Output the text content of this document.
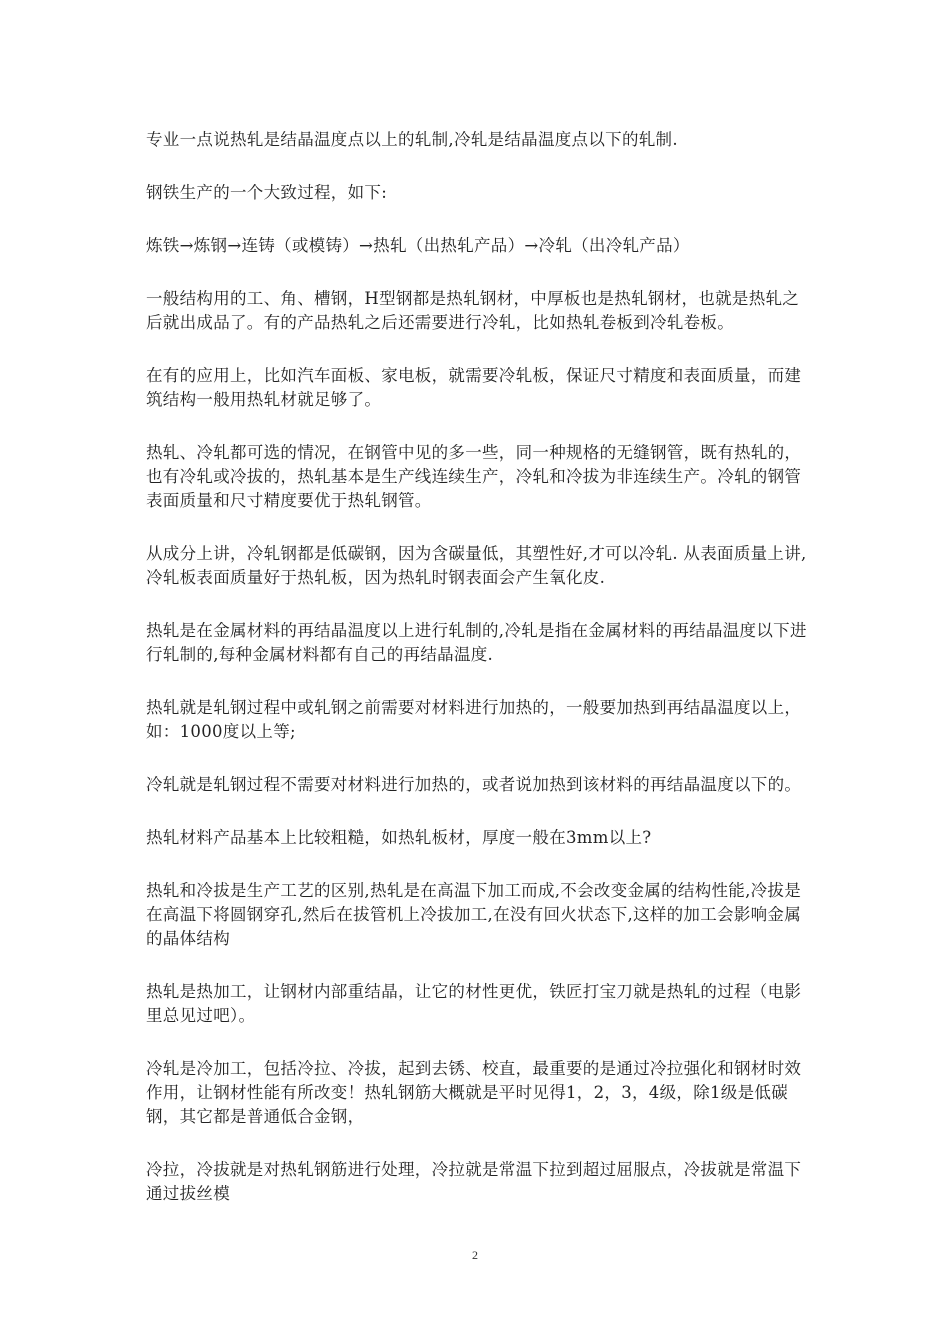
专业一点说热轧是结晶温度点以上的轧制,冷轧是结晶温度点以下的轧制.

钢铁生产的一个大致过程，如下:

炼铁→炼钢→连铸（或模铸）→热轧（出热轧产品）→冷轧（出冷轧产品）

一般结构用的工、角、槽钢，H型钢都是热轧钢材，中厚板也是热轧钢材，也就是热轧之后就出成品了。有的产品热轧之后还需要进行冷轧，比如热轧卷板到冷轧卷板。

在有的应用上，比如汽车面板、家电板，就需要冷轧板，保证尺寸精度和表面质量，而建筑结构一般用热轧材就足够了。

热轧、冷轧都可选的情况，在钢管中见的多一些，同一种规格的无缝钢管，既有热轧的，也有冷轧或冷拔的，热轧基本是生产线连续生产，冷轧和冷拔为非连续生产。冷轧的钢管表面质量和尺寸精度要优于热轧钢管。

从成分上讲，冷轧钢都是低碳钢，因为含碳量低，其塑性好,才可以冷轧. 从表面质量上讲,冷轧板表面质量好于热轧板，因为热轧时钢表面会产生氧化皮.

热轧是在金属材料的再结晶温度以上进行轧制的,冷轧是指在金属材料的再结晶温度以下进行轧制的,每种金属材料都有自己的再结晶温度.

热轧就是轧钢过程中或轧钢之前需要对材料进行加热的，一般要加热到再结晶温度以上，如：1000度以上等;

冷轧就是轧钢过程不需要对材料进行加热的，或者说加热到该材料的再结晶温度以下的。

热轧材料产品基本上比较粗糙，如热轧板材，厚度一般在3mm以上?

热轧和冷拔是生产工艺的区别,热轧是在高温下加工而成,不会改变金属的结构性能,冷拔是在高温下将圆钢穿孔,然后在拔管机上冷拔加工,在没有回火状态下,这样的加工会影响金属的晶体结构

热轧是热加工，让钢材内部重结晶，让它的材性更优，铁匠打宝刀就是热轧的过程（电影里总见过吧）。

冷轧是冷加工，包括冷拉、冷拔，起到去锈、校直，最重要的是通过冷拉强化和钢材时效作用，让钢材性能有所改变！热轧钢筋大概就是平时见得1，2，3，4级，除1级是低碳钢，其它都是普通低合金钢，

冷拉，冷拔就是对热轧钢筋进行处理，冷拉就是常温下拉到超过屈服点，冷拔就是常温下通过拔丝模

2
